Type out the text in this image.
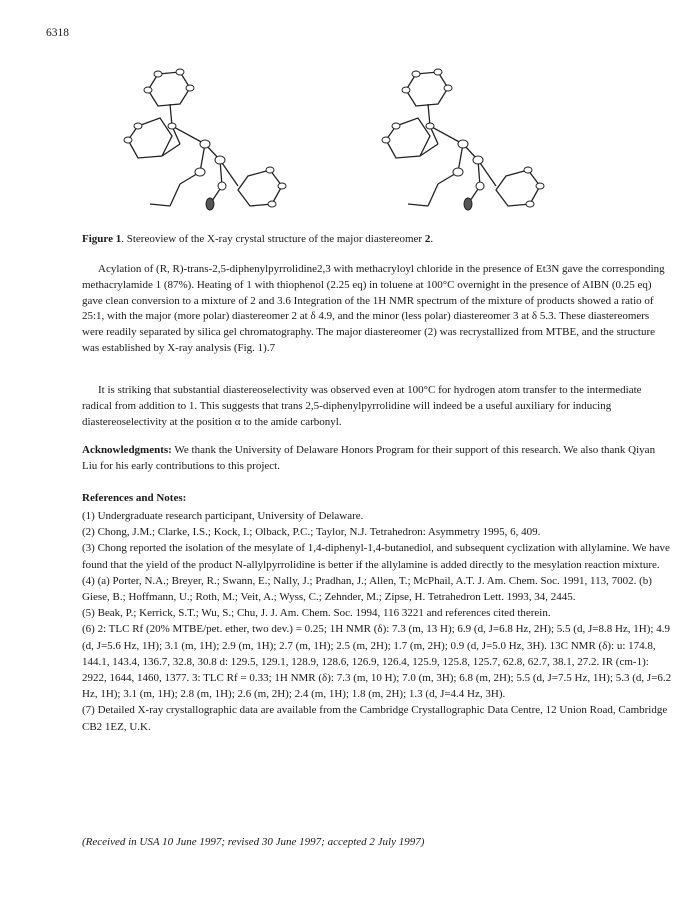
6318
Figure 1. Stereoview of the X-ray crystal structure of the major diastereomer 2.

Acylation of (R, R)-trans-2,5-diphenylpyrrolidine2,3 with methacryloyl chloride in the presence of Et3N gave the corresponding methacrylamide 1 (87%). Heating of 1 with thiophenol (2.25 eq) in toluene at 100°C overnight in the presence of AIBN (0.25 eq) gave clean conversion to a mixture of 2 and 3.6 Integration of the 1H NMR spectrum of the mixture of products showed a ratio of 25:1, with the major (more polar) diastereomer 2 at δ 4.9, and the minor (less polar) diastereomer 3 at δ 5.3. These diastereomers were readily separated by silica gel chromatography. The major diastereomer (2) was recrystallized from MTBE, and the structure was established by X-ray analysis (Fig. 1).7

It is striking that substantial diastereoselectivity was observed even at 100°C for hydrogen atom transfer to the intermediate radical from addition to 1. This suggests that trans 2,5-diphenylpyrrolidine will indeed be a useful auxiliary for inducing diastereoselectivity at the position α to the amide carbonyl.

Acknowledgments: We thank the University of Delaware Honors Program for their support of this research. We also thank Qiyan Liu for his early contributions to this project.

References and Notes:

(1) Undergraduate research participant, University of Delaware.

(2) Chong, J.M.; Clarke, I.S.; Kock, I.; Olback, P.C.; Taylor, N.J. Tetrahedron: Asymmetry 1995, 6, 409.

(3) Chong reported the isolation of the mesylate of 1,4-diphenyl-1,4-butanediol, and subsequent cyclization with allylamine. We have found that the yield of the product N-allylpyrrolidine is better if the allylamine is added directly to the mesylation reaction mixture.

(4) (a) Porter, N.A.; Breyer, R.; Swann, E.; Nally, J.; Pradhan, J.; Allen, T.; McPhail, A.T. J. Am. Chem. Soc. 1991, 113, 7002. (b) Giese, B.; Hoffmann, U.; Roth, M.; Veit, A.; Wyss, C.; Zehnder, M.; Zipse, H. Tetrahedron Lett. 1993, 34, 2445.

(5) Beak, P.; Kerrick, S.T.; Wu, S.; Chu, J. J. Am. Chem. Soc. 1994, 116 3221 and references cited therein.

(6) 2: TLC Rf (20% MTBE/pet. ether, two dev.) = 0.25; 1H NMR (δ): 7.3 (m, 13 H); 6.9 (d, J=6.8 Hz, 2H); 5.5 (d, J=8.8 Hz, 1H); 4.9 (d, J=5.6 Hz, 1H); 3.1 (m, 1H); 2.9 (m, 1H); 2.7 (m, 1H); 2.5 (m, 2H); 1.7 (m, 2H); 0.9 (d, J=5.0 Hz, 3H). 13C NMR (δ): u: 174.8, 144.1, 143.4, 136.7, 32.8, 30.8 d: 129.5, 129.1, 128.9, 128.6, 126.9, 126.4, 125.9, 125.8, 125.7, 62.8, 62.7, 38.1, 27.2. IR (cm-1): 2922, 1644, 1460, 1377. 3: TLC Rf = 0.33; 1H NMR (δ): 7.3 (m, 10 H); 7.0 (m, 3H); 6.8 (m, 2H); 5.5 (d, J=7.5 Hz, 1H); 5.3 (d, J=6.2 Hz, 1H); 3.1 (m, 1H); 2.8 (m, 1H); 2.6 (m, 2H); 2.4 (m, 1H); 1.8 (m, 2H); 1.3 (d, J=4.4 Hz, 3H).

(7) Detailed X-ray crystallographic data are available from the Cambridge Crystallographic Data Centre, 12 Union Road, Cambridge CB2 1EZ, U.K.

(Received in USA 10 June 1997; revised 30 June 1997; accepted 2 July 1997)
